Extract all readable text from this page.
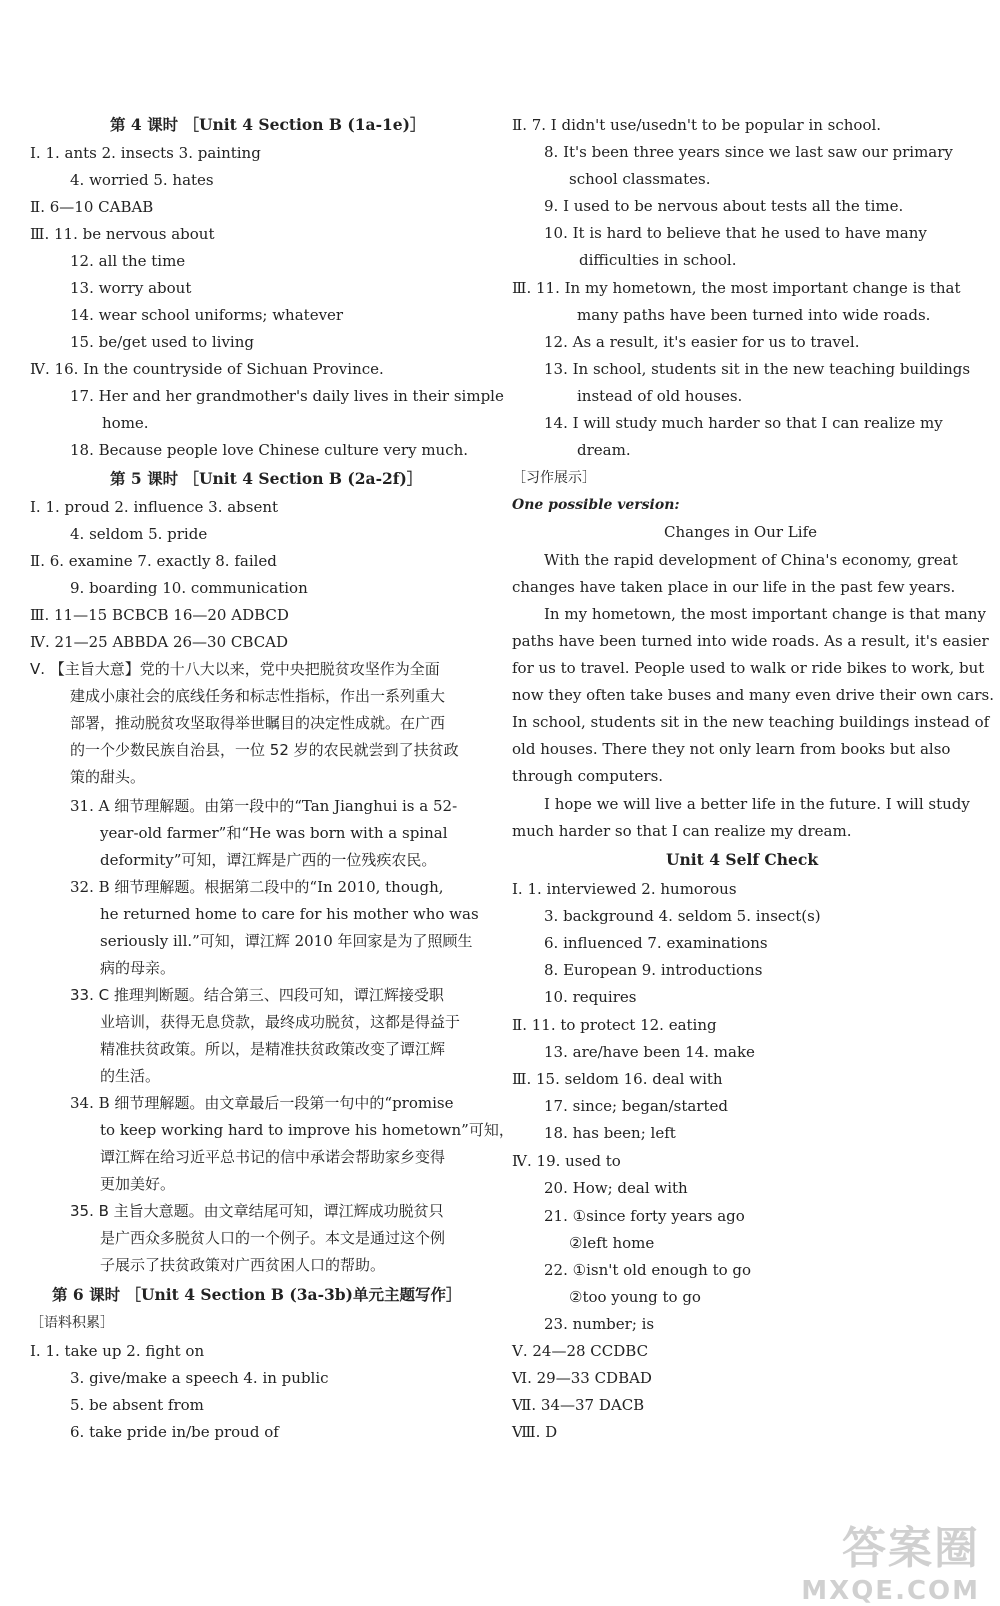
第 4 课时 ［Unit 4 Section B (1a-1e)］
Ⅰ. 1. ants 2. insects 3. painting
4. worried 5. hates
Ⅱ. 6—10 CABAB
Ⅲ. 11. be nervous about
12. all the time
13. worry about
14. wear school uniforms; whatever
15. be/get used to living
Ⅳ. 16. In the countryside of Sichuan Province.
17. Her and her grandmother's daily lives in their simple
home.
18. Because people love Chinese culture very much.
第 5 课时 ［Unit 4 Section B (2a-2f)］
Ⅰ. 1. proud 2. influence 3. absent
4. seldom 5. pride
Ⅱ. 6. examine 7. exactly 8. failed
9. boarding 10. communication
Ⅲ. 11—15 BCBCB 16—20 ADBCD
Ⅳ. 21—25 ABBDA 26—30 CBCAD
Ⅴ. 【主旨大意】党的十八大以来，党中央把脱贫攻坚作为全面
建成小康社会的底线任务和标志性指标，作出一系列重大
部署，推动脱贫攻坚取得举世瞩目的决定性成就。在广西
的一个少数民族自治县，一位 52 岁的农民就尝到了扶贫政
策的甜头。
31. A 细节理解题。由第一段中的“Tan Jianghui is a 52-
year-old farmer”和“He was born with a spinal
deformity”可知，谭江辉是广西的一位残疾农民。
32. B 细节理解题。根据第二段中的“In 2010, though,
he returned home to care for his mother who was
seriously ill.”可知，谭江辉 2010 年回家是为了照顾生
病的母亲。
33. C 推理判断题。结合第三、四段可知，谭江辉接受职
业培训，获得无息贷款，最终成功脱贫，这都是得益于
精准扶贫政策。所以，是精准扶贫政策改变了谭江辉
的生活。
34. B 细节理解题。由文章最后一段第一句中的“promise
to keep working hard to improve his hometown”可知，
谭江辉在给习近平总书记的信中承诺会帮助家乡变得
更加美好。
35. B 主旨大意题。由文章结尾可知，谭江辉成功脱贫只
是广西众多脱贫人口的一个例子。本文是通过这个例
子展示了扶贫政策对广西贫困人口的帮助。
第 6 课时 ［Unit 4 Section B (3a-3b)单元主题写作］
［语料积累］
Ⅰ. 1. take up 2. fight on
3. give/make a speech 4. in public
5. be absent from
6. take pride in/be proud of
Ⅱ. 7. I didn't use/usedn't to be popular in school.
8. It's been three years since we last saw our primary
school classmates.
9. I used to be nervous about tests all the time.
10. It is hard to believe that he used to have many
difficulties in school.
Ⅲ. 11. In my hometown, the most important change is that
many paths have been turned into wide roads.
12. As a result, it's easier for us to travel.
13. In school, students sit in the new teaching buildings
instead of old houses.
14. I will study much harder so that I can realize my
dream.
［习作展示］
One possible version:
Changes in Our Life
With the rapid development of China's economy, great
changes have taken place in our life in the past few years.
In my hometown, the most important change is that many
paths have been turned into wide roads. As a result, it's easier
for us to travel. People used to walk or ride bikes to work, but
now they often take buses and many even drive their own cars.
In school, students sit in the new teaching buildings instead of
old houses. There they not only learn from books but also
through computers.
I hope we will live a better life in the future. I will study
much harder so that I can realize my dream.
Unit 4 Self Check
Ⅰ. 1. interviewed 2. humorous
3. background 4. seldom 5. insect(s)
6. influenced 7. examinations
8. European 9. introductions
10. requires
Ⅱ. 11. to protect 12. eating
13. are/have been 14. make
Ⅲ. 15. seldom 16. deal with
17. since; began/started
18. has been; left
Ⅳ. 19. used to
20. How; deal with
21. ①since forty years ago
②left home
22. ①isn't old enough to go
②too young to go
23. number; is
Ⅴ. 24—28 CCDBC
Ⅵ. 29—33 CDBAD
Ⅶ. 34—37 DACB
Ⅷ. D
答案圈
MXQE.COM
